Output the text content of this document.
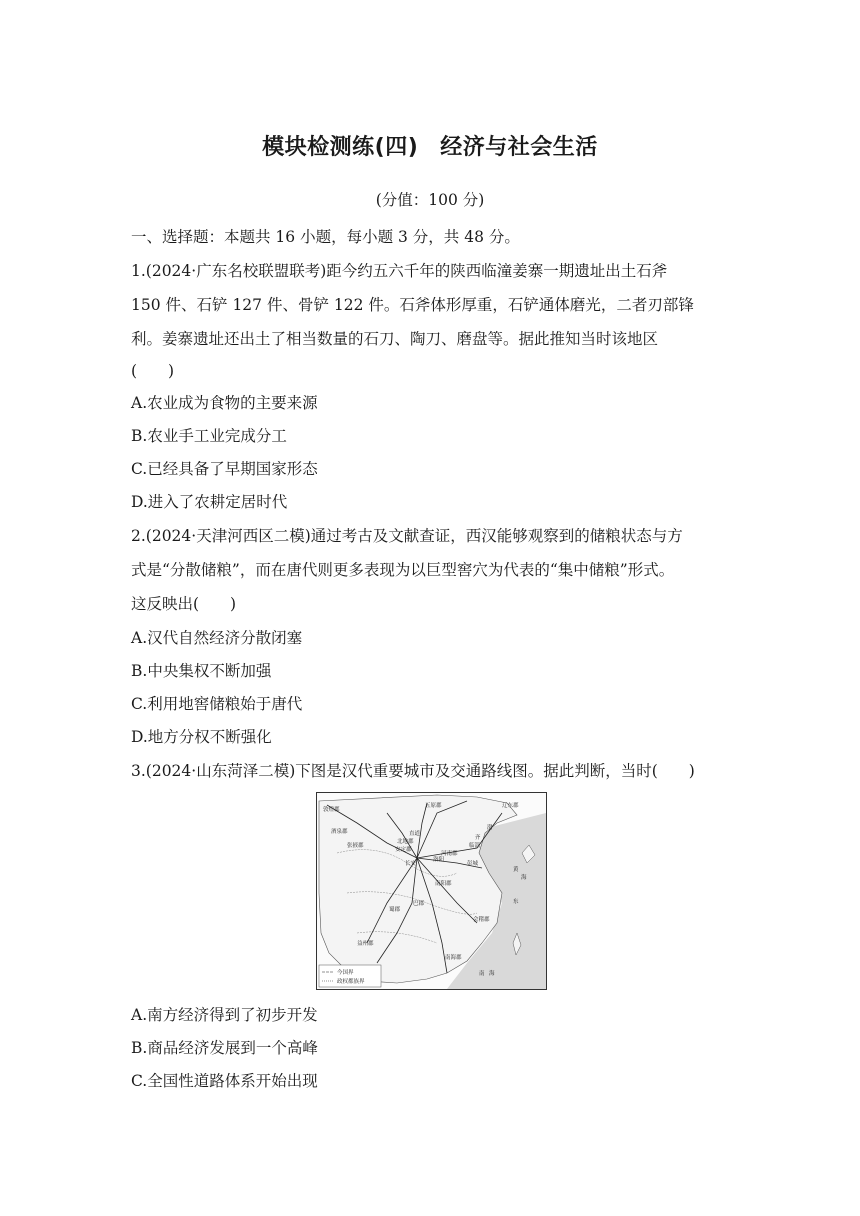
模块检测练(四) 经济与社会生活
(分值：100 分)
一、选择题：本题共 16 小题，每小题 3 分，共 48 分。
1.(2024·广东名校联盟联考)距今约五六千年的陕西临潼姜寨一期遗址出土石斧
150 件、石铲 127 件、骨铲 122 件。石斧体形厚重，石铲通体磨光，二者刃部锋
利。姜寨遗址还出土了相当数量的石刀、陶刀、磨盘等。据此推知当时该地区
(　　)
A.农业成为食物的主要来源
B.农业手工业完成分工
C.已经具备了早期国家形态
D.进入了农耕定居时代
2.(2024·天津河西区二模)通过考古及文献查证，西汉能够观察到的储粮状态与方
式是“分散储粮”，而在唐代则更多表现为以巨型窖穴为代表的“集中储粮”形式。
这反映出(　　)
A.汉代自然经济分散闭塞
B.中央集权不断加强
C.利用地窖储粮始于唐代
D.地方分权不断强化
3.(2024·山东菏泽二模)下图是汉代重要城市及交通路线图。据此判断，当时(　　)
敦煌郡
酒泉郡
张掖郡
五原郡	辽东郡
北地郡
安定郡
直道
长安
洛阳
河南郡
南阳郡
巴郡
蜀郡
益州郡
南海郡
会稽郡
彭城
齐
临淄
渤
黄
海
东
南 海
今国界
政权都族界
A.南方经济得到了初步开发
B.商品经济发展到一个高峰
C.全国性道路体系开始出现
